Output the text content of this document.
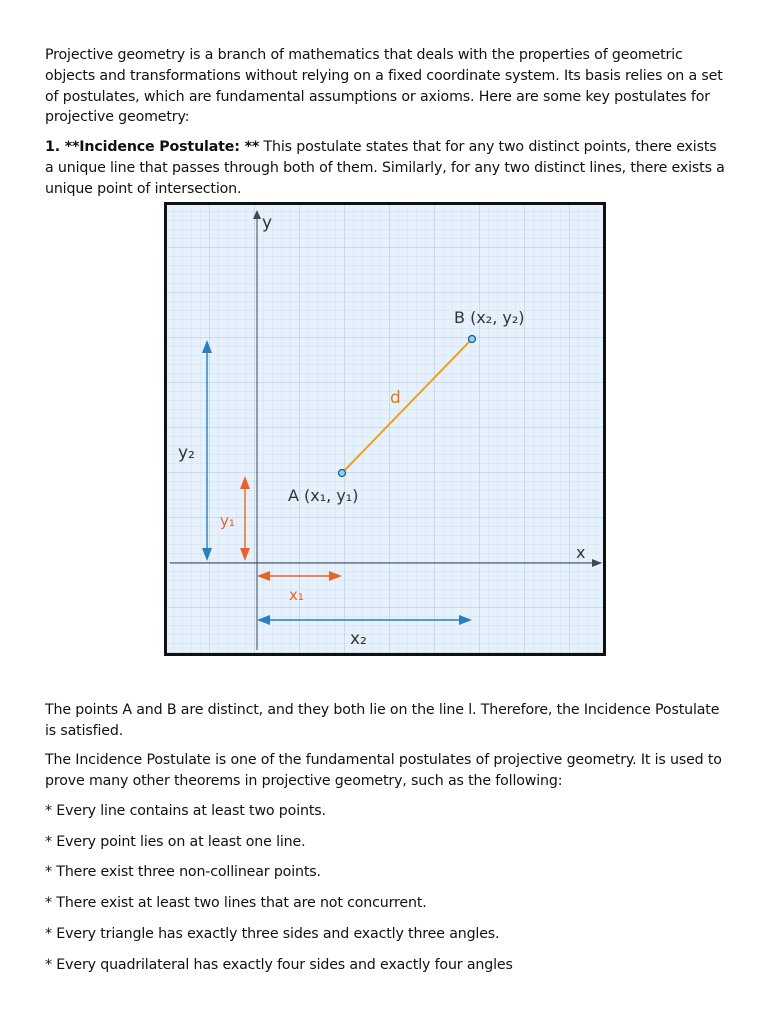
Projective geometry is a branch of mathematics that deals with the properties of geometric objects and transformations without relying on a fixed coordinate system. Its basis relies on a set of postulates, which are fundamental assumptions or axioms. Here are some key postulates for projective geometry:

1. **Incidence Postulate: ** This postulate states that for any two distinct points, there exists a unique line that passes through both of them. Similarly, for any two distinct lines, there exists a unique point of intersection.

y
x
d
A (x₁, y₁)
B (x₂, y₂)
y₂
y₁
x₁
x₂

The points A and B are distinct, and they both lie on the line l. Therefore, the Incidence Postulate is satisfied.

The Incidence Postulate is one of the fundamental postulates of projective geometry. It is used to prove many other theorems in projective geometry, such as the following:

* Every line contains at least two points.

* Every point lies on at least one line.

* There exist three non-collinear points.

* There exist at least two lines that are not concurrent.

* Every triangle has exactly three sides and exactly three angles.

* Every quadrilateral has exactly four sides and exactly four angles
